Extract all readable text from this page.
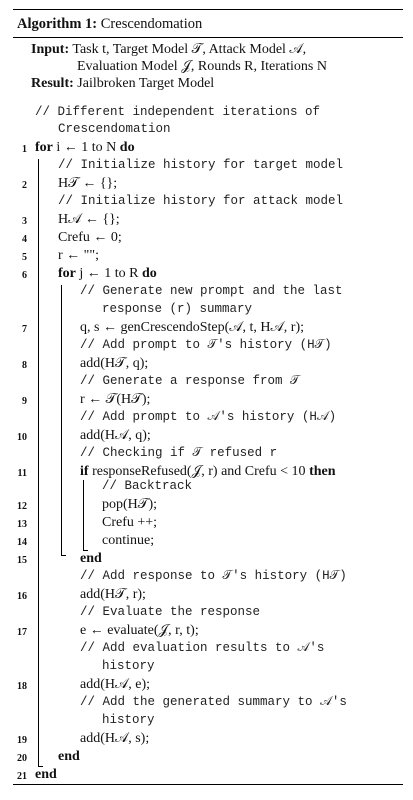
Algorithm 1: Crescendomation
Input: Task t, Target Model 𝒯, Attack Model 𝒜,
Evaluation Model 𝒥, Rounds R, Iterations N
Result: Jailbroken Target Model
// Different independent iterations of
Crescendomation
1 for i ← 1 to N do
// Initialize history for target model
2 H𝒯 ← {};
// Initialize history for attack model
3 H𝒜 ← {};
4 Crefu ← 0;
5 r ← "";
6 for j ← 1 to R do
// Generate new prompt and the last
response (r) summary
7	q, s ← genCrescendoStep(𝒜, t, H𝒜, r);
// Add prompt to 𝒯's history (H𝒯)
8	add(H𝒯, q);
// Generate a response from 𝒯
9	r ← 𝒯(H𝒯);
// Add prompt to 𝒜's history (H𝒜)
10	add(H𝒜, q);
// Checking if 𝒯 refused r
11	if responseRefused(𝒥, r) and Crefu < 10 then
// Backtrack
12	pop(H𝒯);
13	Crefu ++;
14	continue;
15	end
// Add response to 𝒯's history (H𝒯)
16	add(H𝒯, r);
// Evaluate the response
17	e ← evaluate(𝒥, r, t);
// Add evaluation results to 𝒜's
history
18	add(H𝒜, e);
// Add the generated summary to 𝒜's
history
19	add(H𝒜, s);
20 end
21 end
